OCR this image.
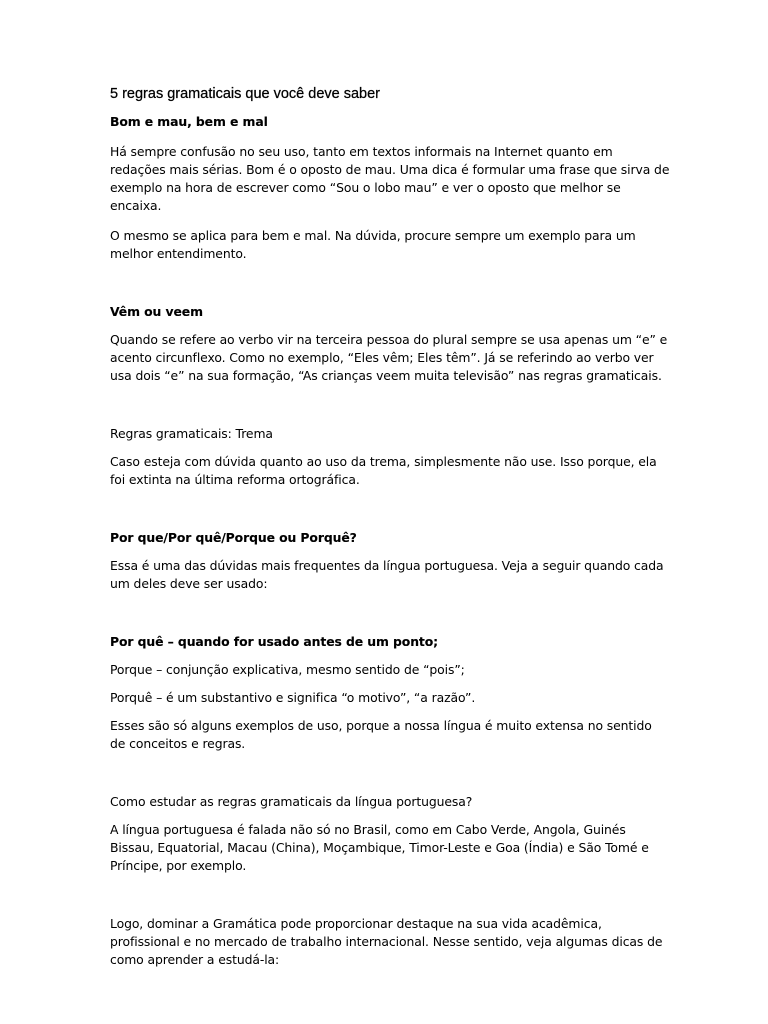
5 regras gramaticais que você deve saber
Bom e mau, bem e mal
Há sempre confusão no seu uso, tanto em textos informais na Internet quanto em redações mais sérias. Bom é o oposto de mau. Uma dica é formular uma frase que sirva de exemplo na hora de escrever como “Sou o lobo mau” e ver o oposto que melhor se encaixa.
O mesmo se aplica para bem e mal. Na dúvida, procure sempre um exemplo para um melhor entendimento.
Vêm ou veem
Quando se refere ao verbo vir na terceira pessoa do plural sempre se usa apenas um “e” e acento circunflexo. Como no exemplo, “Eles vêm; Eles têm”. Já se referindo ao verbo ver usa dois “e” na sua formação, “As crianças veem muita televisão” nas regras gramaticais.
Regras gramaticais: Trema
Caso esteja com dúvida quanto ao uso da trema, simplesmente não use. Isso porque, ela foi extinta na última reforma ortográfica.
Por que/Por quê/Porque ou Porquê?
Essa é uma das dúvidas mais frequentes da língua portuguesa. Veja a seguir quando cada um deles deve ser usado:
Por quê – quando for usado antes de um ponto;
Porque – conjunção explicativa, mesmo sentido de “pois”;
Porquê – é um substantivo e significa “o motivo”, “a razão”.
Esses são só alguns exemplos de uso, porque a nossa língua é muito extensa no sentido de conceitos e regras.
Como estudar as regras gramaticais da língua portuguesa?
A língua portuguesa é falada não só no Brasil, como em Cabo Verde, Angola, Guinés Bissau, Equatorial, Macau (China), Moçambique, Timor-Leste e Goa (Índia) e São Tomé e Príncipe, por exemplo.
Logo, dominar a Gramática pode proporcionar destaque na sua vida acadêmica, profissional e no mercado de trabalho internacional. Nesse sentido, veja algumas dicas de como aprender a estudá-la:
